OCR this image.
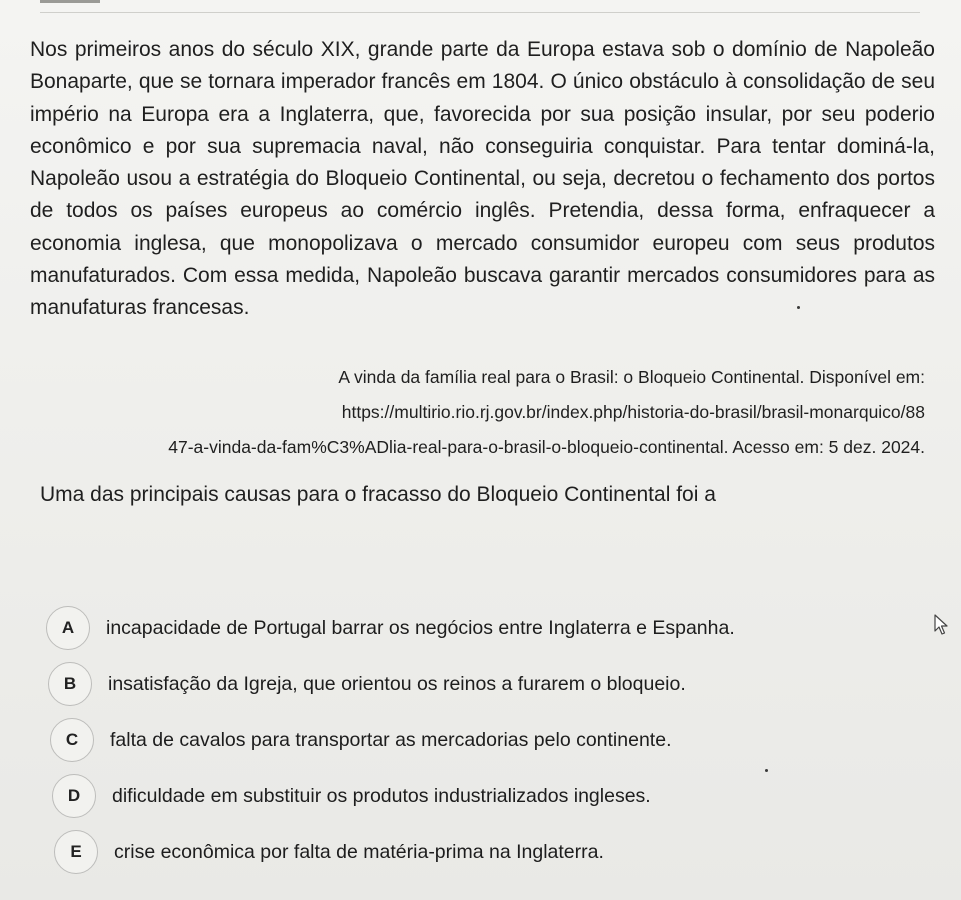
Nos primeiros anos do século XIX, grande parte da Europa estava sob o domínio de Napoleão Bonaparte, que se tornara imperador francês em 1804. O único obstáculo à consolidação de seu império na Europa era a Inglaterra, que, favorecida por sua posição insular, por seu poderio econômico e por sua supremacia naval, não conseguiria conquistar. Para tentar dominá-la, Napoleão usou a estratégia do Bloqueio Continental, ou seja, decretou o fechamento dos portos de todos os países europeus ao comércio inglês. Pretendia, dessa forma, enfraquecer a economia inglesa, que monopolizava o mercado consumidor europeu com seus produtos manufaturados. Com essa medida, Napoleão buscava garantir mercados consumidores para as manufaturas francesas.

A vinda da família real para o Brasil: o Bloqueio Continental. Disponível em:
https://multirio.rio.rj.gov.br/index.php/historia-do-brasil/brasil-monarquico/88
47-a-vinda-da-fam%C3%ADlia-real-para-o-brasil-o-bloqueio-continental. Acesso em: 5 dez. 2024.

Uma das principais causas para o fracasso do Bloqueio Continental foi a

A	incapacidade de Portugal barrar os negócios entre Inglaterra e Espanha.
B	insatisfação da Igreja, que orientou os reinos a furarem o bloqueio.
C	falta de cavalos para transportar as mercadorias pelo continente.
D	dificuldade em substituir os produtos industrializados ingleses.
E	crise econômica por falta de matéria-prima na Inglaterra.
